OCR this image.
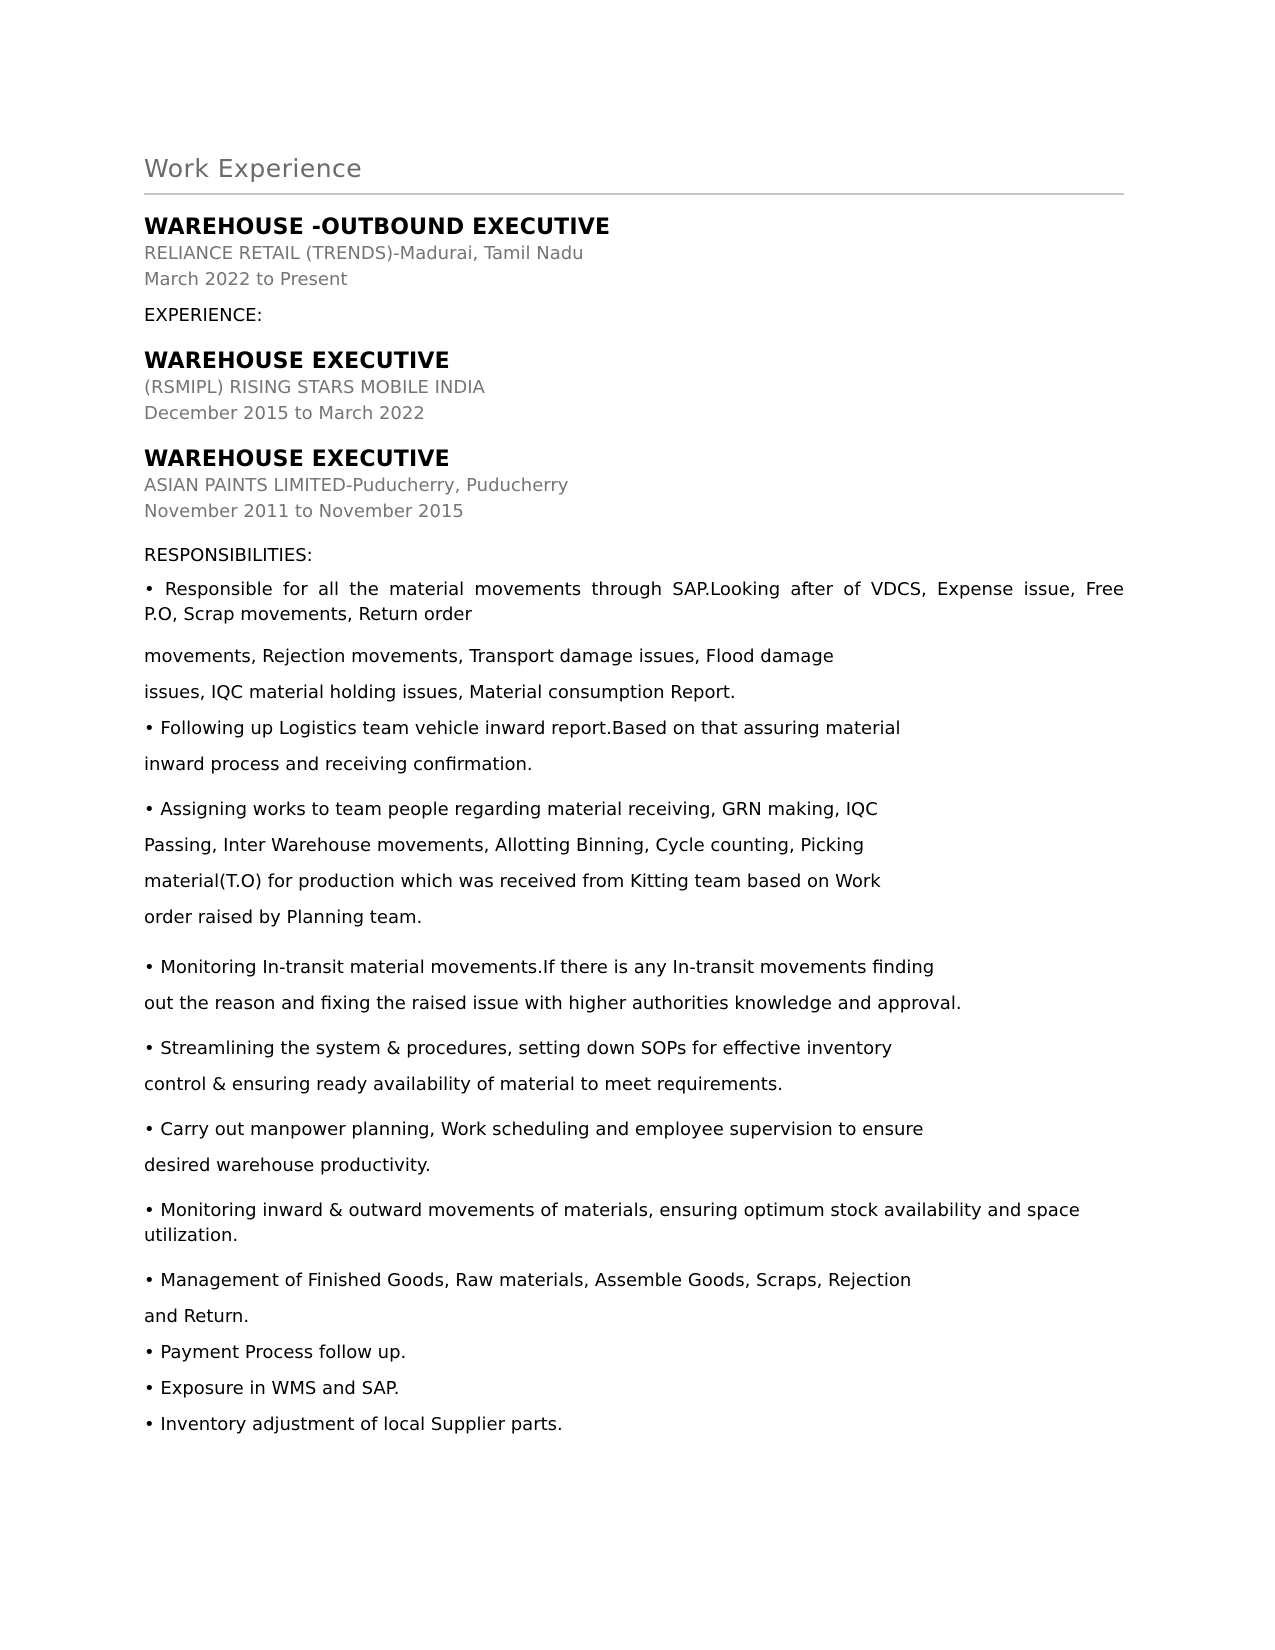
Work Experience
WAREHOUSE -OUTBOUND EXECUTIVE
RELIANCE RETAIL (TRENDS)-Madurai, Tamil Nadu
March 2022 to Present
EXPERIENCE:
WAREHOUSE EXECUTIVE
(RSMIPL) RISING STARS MOBILE INDIA
December 2015 to March 2022
WAREHOUSE EXECUTIVE
ASIAN PAINTS LIMITED-Puducherry, Puducherry
November 2011 to November 2015
RESPONSIBILITIES:
• Responsible for all the material movements through SAP.Looking after of VDCS, Expense issue, Free
P.O, Scrap movements, Return order
movements, Rejection movements, Transport damage issues, Flood damage
issues, IQC material holding issues, Material consumption Report.
• Following up Logistics team vehicle inward report.Based on that assuring material
inward process and receiving confirmation.
• Assigning works to team people regarding material receiving, GRN making, IQC
Passing, Inter Warehouse movements, Allotting Binning, Cycle counting, Picking
material(T.O) for production which was received from Kitting team based on Work
order raised by Planning team.
• Monitoring In-transit material movements.If there is any In-transit movements finding
out the reason and fixing the raised issue with higher authorities knowledge and approval.
• Streamlining the system & procedures, setting down SOPs for effective inventory
control & ensuring ready availability of material to meet requirements.
• Carry out manpower planning, Work scheduling and employee supervision to ensure
desired warehouse productivity.
• Monitoring inward & outward movements of materials, ensuring optimum stock availability and space
utilization.
• Management of Finished Goods, Raw materials, Assemble Goods, Scraps, Rejection
and Return.
• Payment Process follow up.
• Exposure in WMS and SAP.
• Inventory adjustment of local Supplier parts.
